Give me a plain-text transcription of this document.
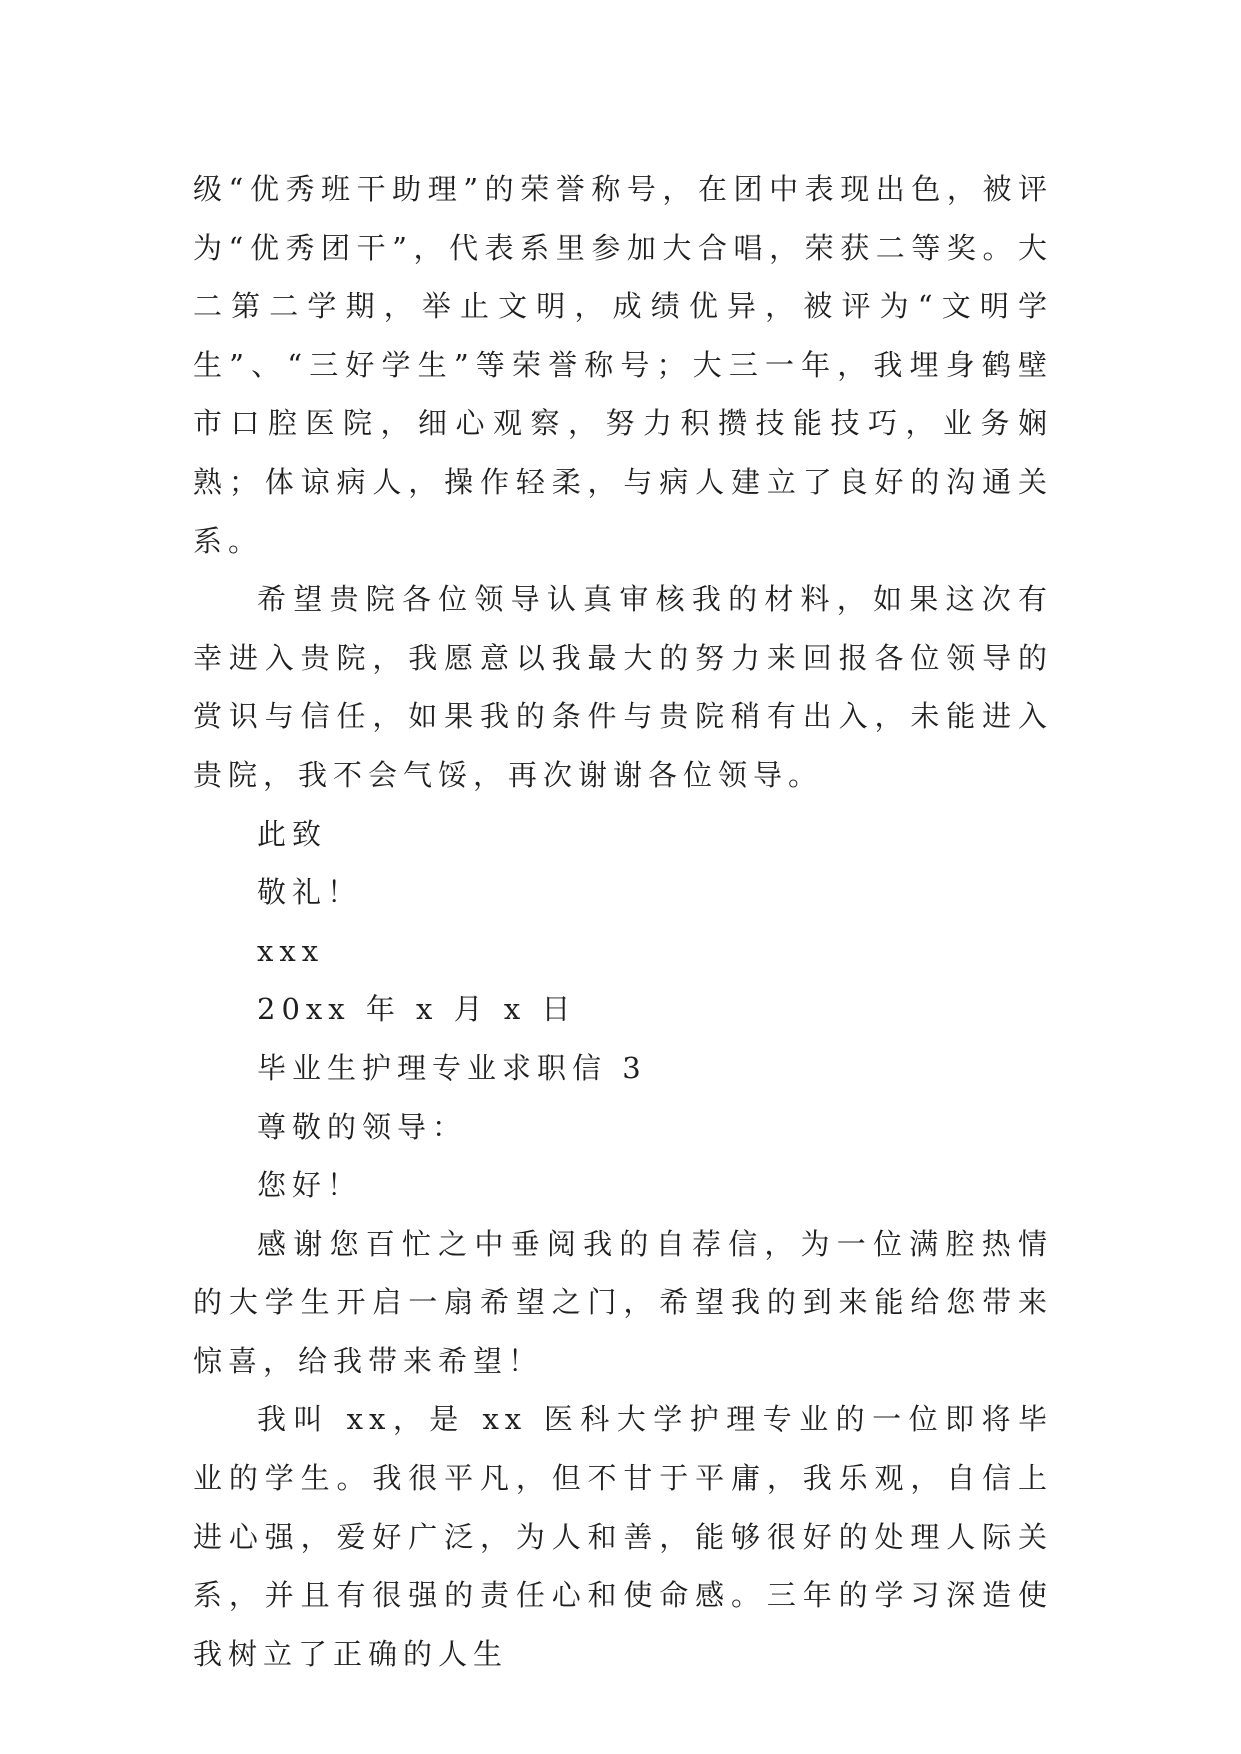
级“优秀班干助理”的荣誉称号，在团中表现出色，被评为“优秀团干”，代表系里参加大合唱，荣获二等奖。大二第二学期，举止文明，成绩优异，被评为“文明学生”、“三好学生”等荣誉称号；大三一年，我埋身鹤壁市口腔医院，细心观察，努力积攒技能技巧，业务娴熟；体谅病人，操作轻柔，与病人建立了良好的沟通关系。

希望贵院各位领导认真审核我的材料，如果这次有幸进入贵院，我愿意以我最大的努力来回报各位领导的赏识与信任，如果我的条件与贵院稍有出入，未能进入贵院，我不会气馁，再次谢谢各位领导。

此致

敬礼！

xxx

20xx 年 x 月 x 日

毕业生护理专业求职信 3

尊敬的领导：

您好！

感谢您百忙之中垂阅我的自荐信，为一位满腔热情的大学生开启一扇希望之门，希望我的到来能给您带来惊喜，给我带来希望！

我叫 xx，是 xx 医科大学护理专业的一位即将毕业的学生。我很平凡，但不甘于平庸，我乐观，自信上进心强，爱好广泛，为人和善，能够很好的处理人际关系，并且有很强的责任心和使命感。三年的学习深造使我树立了正确的人生
